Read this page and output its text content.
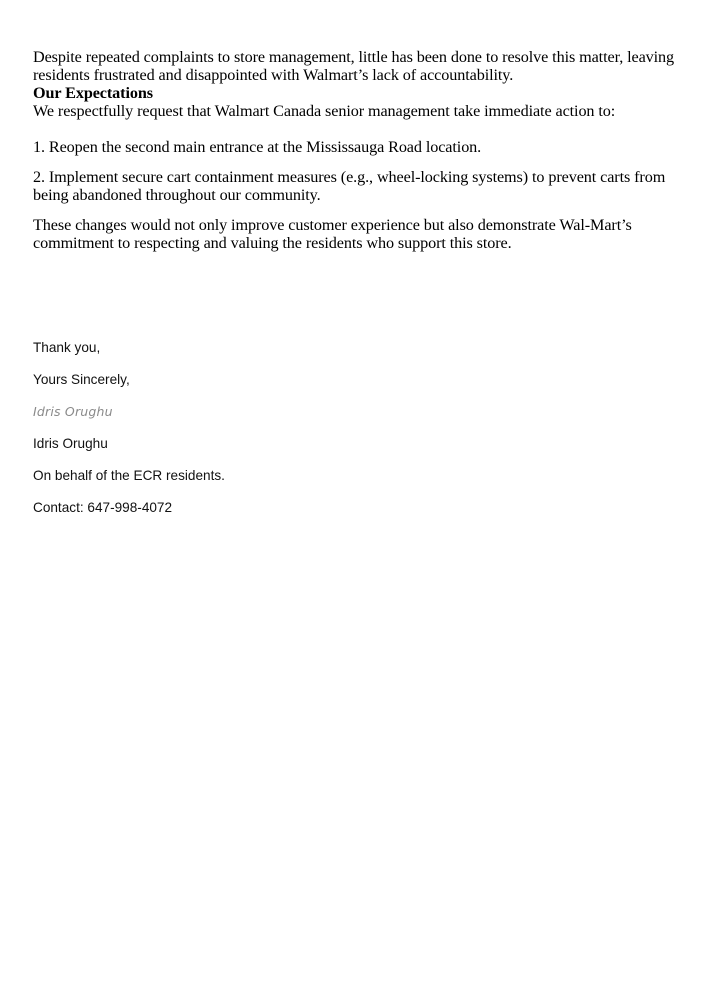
Despite repeated complaints to store management, little has been done to resolve this matter, leaving residents frustrated and disappointed with Walmart’s lack of accountability.

Our Expectations

We respectfully request that Walmart Canada senior management take immediate action to:

1. Reopen the second main entrance at the Mississauga Road location.

2. Implement secure cart containment measures (e.g., wheel-locking systems) to prevent carts from being abandoned throughout our community.

These changes would not only improve customer experience but also demonstrate Wal-Mart’s commitment to respecting and valuing the residents who support this store.

Thank you,

Yours Sincerely,

Idris Orughu

Idris Orughu

On behalf of the ECR residents.

Contact: 647-998-4072
